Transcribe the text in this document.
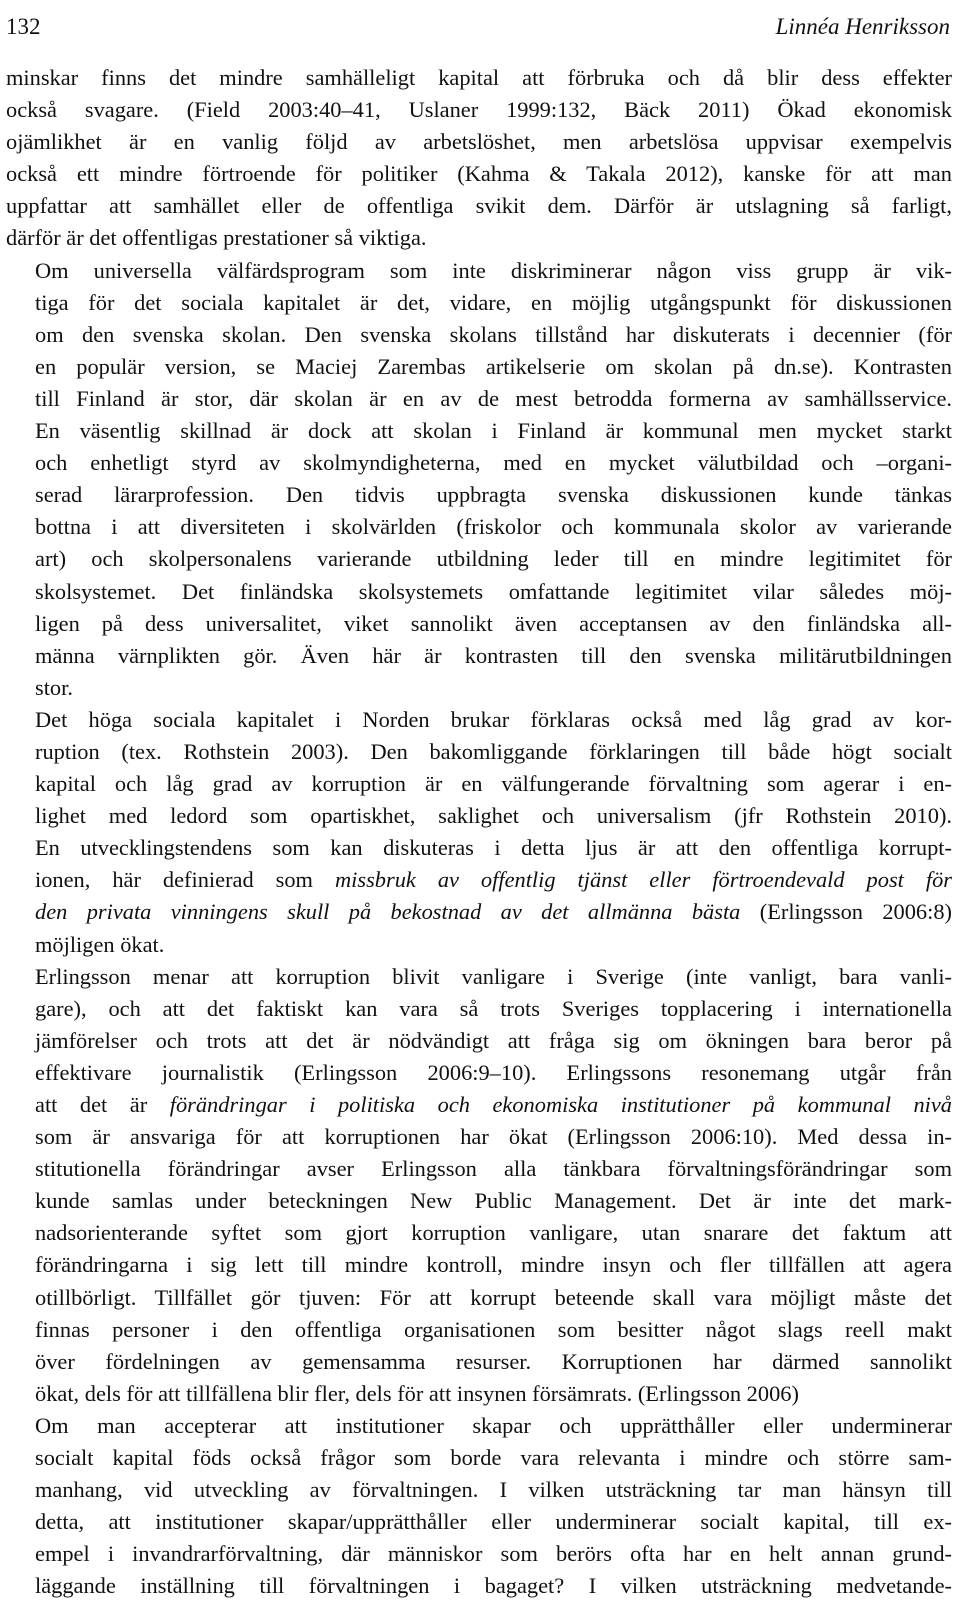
132	Linnéa Henriksson

minskar finns det mindre samhälleligt kapital att förbruka och då blir dess effekter
också svagare. (Field 2003:40–41, Uslaner 1999:132, Bäck 2011) Ökad ekonomisk
ojämlikhet är en vanlig följd av arbetslöshet, men arbetslösa uppvisar exempelvis
också ett mindre förtroende för politiker (Kahma & Takala 2012), kanske för att man
uppfattar att samhället eller de offentliga svikit dem. Därför är utslagning så farligt,
därför är det offentligas prestationer så viktiga.

Om universella välfärdsprogram som inte diskriminerar någon viss grupp är vik-
tiga för det sociala kapitalet är det, vidare, en möjlig utgångspunkt för diskussionen
om den svenska skolan. Den svenska skolans tillstånd har diskuterats i decennier (för
en populär version, se Maciej Zarembas artikelserie om skolan på dn.se). Kontrasten
till Finland är stor, där skolan är en av de mest betrodda formerna av samhällsservice.
En väsentlig skillnad är dock att skolan i Finland är kommunal men mycket starkt
och enhetligt styrd av skolmyndigheterna, med en mycket välutbildad och –organi-
serad lärarprofession. Den tidvis uppbragta svenska diskussionen kunde tänkas
bottna i att diversiteten i skolvärlden (friskolor och kommunala skolor av varierande
art) och skolpersonalens varierande utbildning leder till en mindre legitimitet för
skolsystemet. Det finländska skolsystemets omfattande legitimitet vilar således möj-
ligen på dess universalitet, viket sannolikt även acceptansen av den finländska all-
männa värnplikten gör. Även här är kontrasten till den svenska militärutbildningen
stor.

Det höga sociala kapitalet i Norden brukar förklaras också med låg grad av kor-
ruption (tex. Rothstein 2003). Den bakomliggande förklaringen till både högt socialt
kapital och låg grad av korruption är en välfungerande förvaltning som agerar i en-
lighet med ledord som opartiskhet, saklighet och universalism (jfr Rothstein 2010).
En utvecklingstendens som kan diskuteras i detta ljus är att den offentliga korrupt-
ionen, här definierad som missbruk av offentlig tjänst eller förtroendevald post för
den privata vinningens skull på bekostnad av det allmänna bästa (Erlingsson 2006:8)
möjligen ökat.

Erlingsson menar att korruption blivit vanligare i Sverige (inte vanligt, bara vanli-
gare), och att det faktiskt kan vara så trots Sveriges topplacering i internationella
jämförelser och trots att det är nödvändigt att fråga sig om ökningen bara beror på
effektivare journalistik (Erlingsson 2006:9–10). Erlingssons resonemang utgår från
att det är förändringar i politiska och ekonomiska institutioner på kommunal nivå
som är ansvariga för att korruptionen har ökat (Erlingsson 2006:10). Med dessa in-
stitutionella förändringar avser Erlingsson alla tänkbara förvaltningsförändringar som
kunde samlas under beteckningen New Public Management. Det är inte det mark-
nadsorienterande syftet som gjort korruption vanligare, utan snarare det faktum att
förändringarna i sig lett till mindre kontroll, mindre insyn och fler tillfällen att agera
otillbörligt. Tillfället gör tjuven: För att korrupt beteende skall vara möjligt måste det
finnas personer i den offentliga organisationen som besitter något slags reell makt
över fördelningen av gemensamma resurser. Korruptionen har därmed sannolikt
ökat, dels för att tillfällena blir fler, dels för att insynen försämrats. (Erlingsson 2006)

Om man accepterar att institutioner skapar och upprätthåller eller underminerar
socialt kapital föds också frågor som borde vara relevanta i mindre och större sam-
manhang, vid utveckling av förvaltningen. I vilken utsträckning tar man hänsyn till
detta, att institutioner skapar/upprätthåller eller underminerar socialt kapital, till ex-
empel i invandrarförvaltning, där människor som berörs ofta har en helt annan grund-
läggande inställning till förvaltningen i bagaget? I vilken utsträckning medvetande-
